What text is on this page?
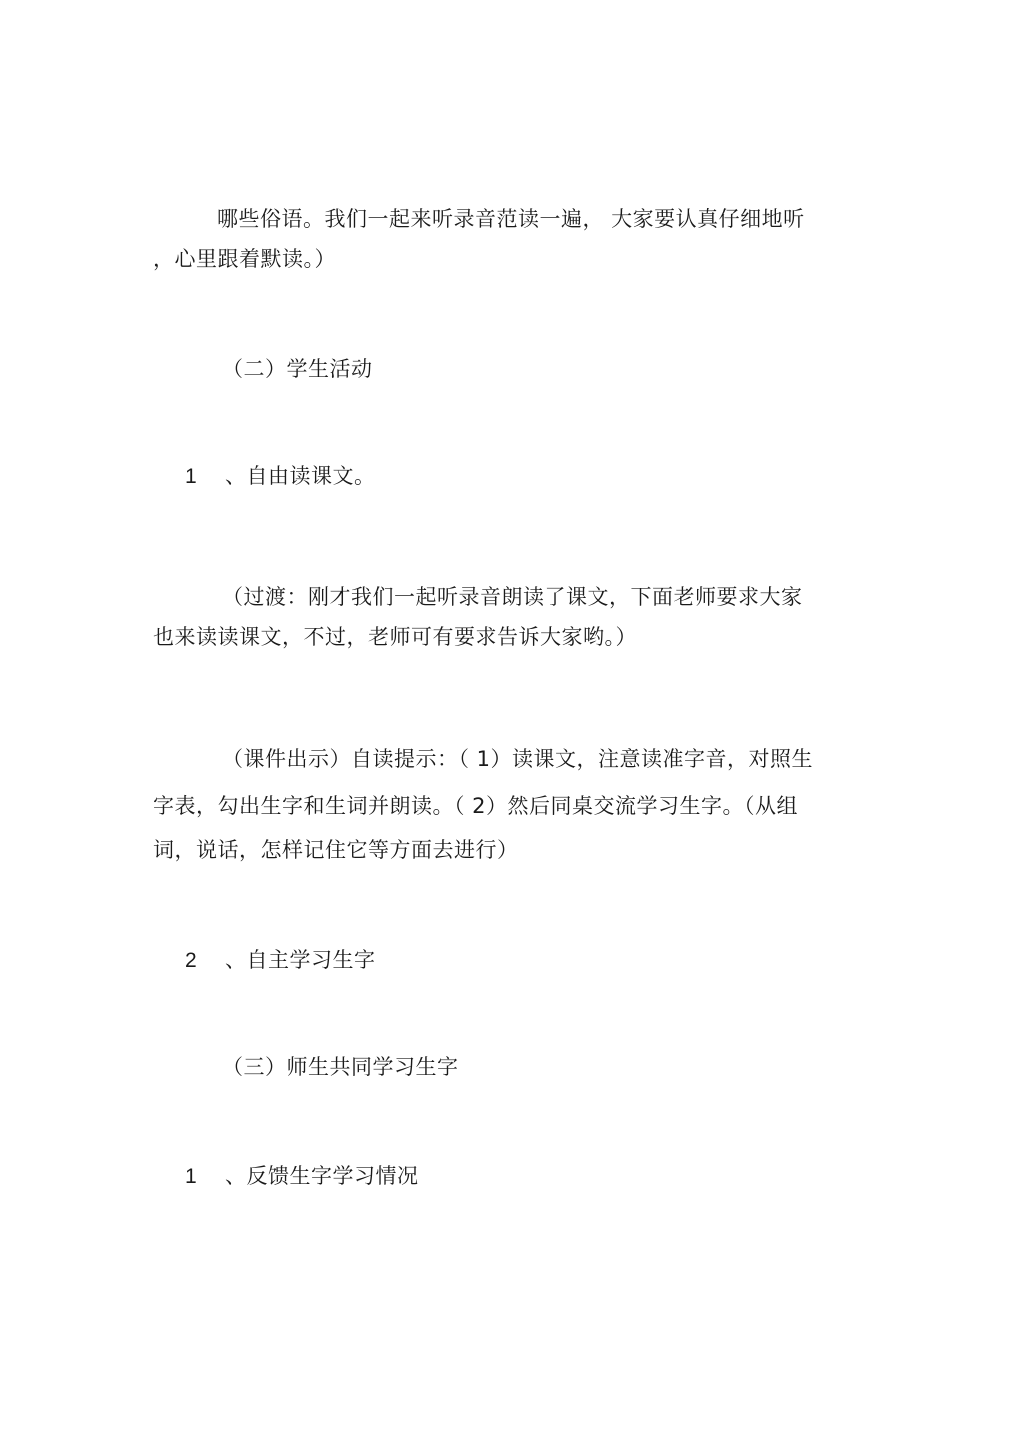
哪些俗语。我们一起来听录音范读一遍， 大家要认真仔细地听
，心里跟着默读。）
（二）学生活动
1 、自由读课文。
（过渡：刚才我们一起听录音朗读了课文，下面老师要求大家
也来读读课文，不过，老师可有要求告诉大家哟。）
（课件出示）自读提示：（ 1）读课文，注意读准字音，对照生
字表，勾出生字和生词并朗读。（ 2）然后同桌交流学习生字。（从组
词，说话，怎样记住它等方面去进行）
2 、自主学习生字
（三）师生共同学习生字
1 、反馈生字学习情况
